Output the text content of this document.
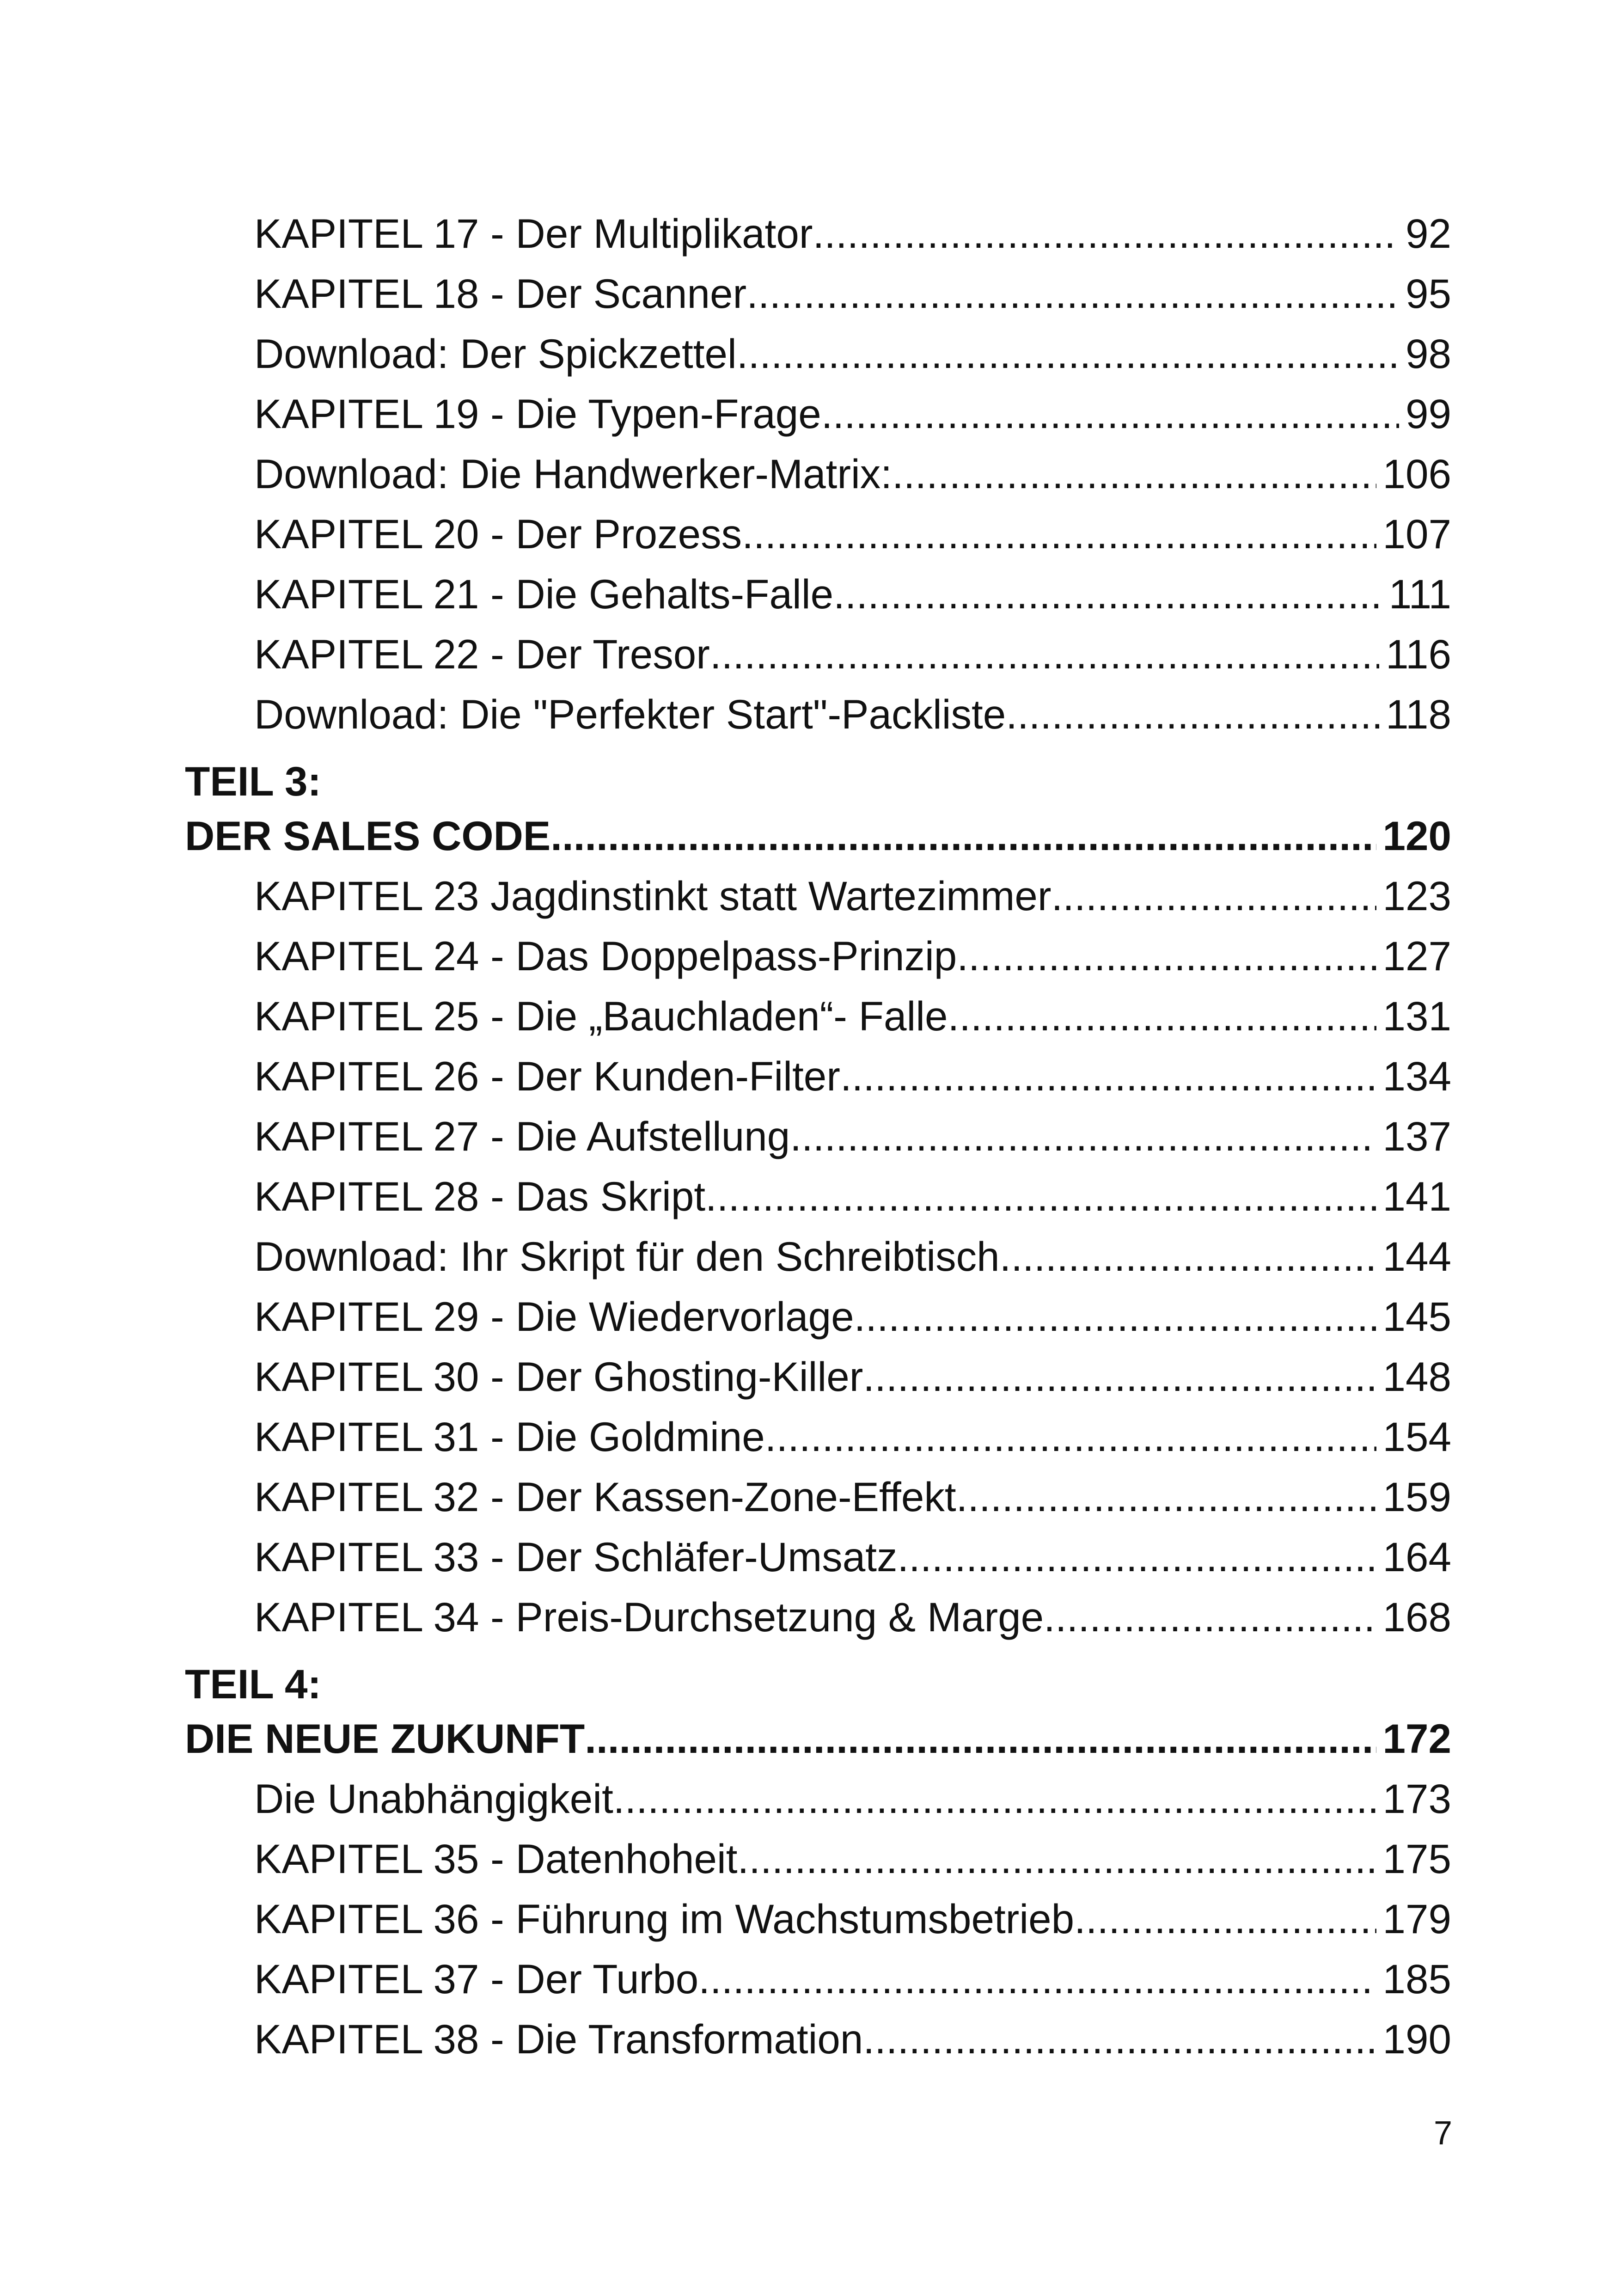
KAPITEL 17 - Der Multiplikator .....	92
KAPITEL 18 - Der Scanner .....	95
Download: Der Spickzettel .....	98
KAPITEL 19 - Die Typen-Frage .....	99
Download: Die Handwerker-Matrix: .....	106
KAPITEL 20 - Der Prozess .....	107
KAPITEL 21 - Die Gehalts-Falle .....	111
KAPITEL 22 - Der Tresor .....	116
Download: Die "Perfekter Start"-Packliste .....	118
TEIL 3:
DER SALES CODE .....	120
KAPITEL 23 Jagdinstinkt statt Wartezimmer .....	123
KAPITEL 24 - Das Doppelpass-Prinzip .....	127
KAPITEL 25 - Die „Bauchladen“- Falle .....	131
KAPITEL 26 - Der Kunden-Filter .....	134
KAPITEL 27 - Die Aufstellung .....	137
KAPITEL 28 - Das Skript .....	141
Download: Ihr Skript für den Schreibtisch .....	144
KAPITEL 29 - Die Wiedervorlage .....	145
KAPITEL 30 - Der Ghosting-Killer .....	148
KAPITEL 31 - Die Goldmine .....	154
KAPITEL 32 - Der Kassen-Zone-Effekt .....	159
KAPITEL 33 - Der Schläfer-Umsatz .....	164
KAPITEL 34 - Preis-Durchsetzung & Marge .....	168
TEIL 4:
DIE NEUE ZUKUNFT .....	172
Die Unabhängigkeit .....	173
KAPITEL 35 - Datenhoheit .....	175
KAPITEL 36 - Führung im Wachstumsbetrieb .....	179
KAPITEL 37 - Der Turbo .....	185
KAPITEL 38 - Die Transformation .....	190
7
